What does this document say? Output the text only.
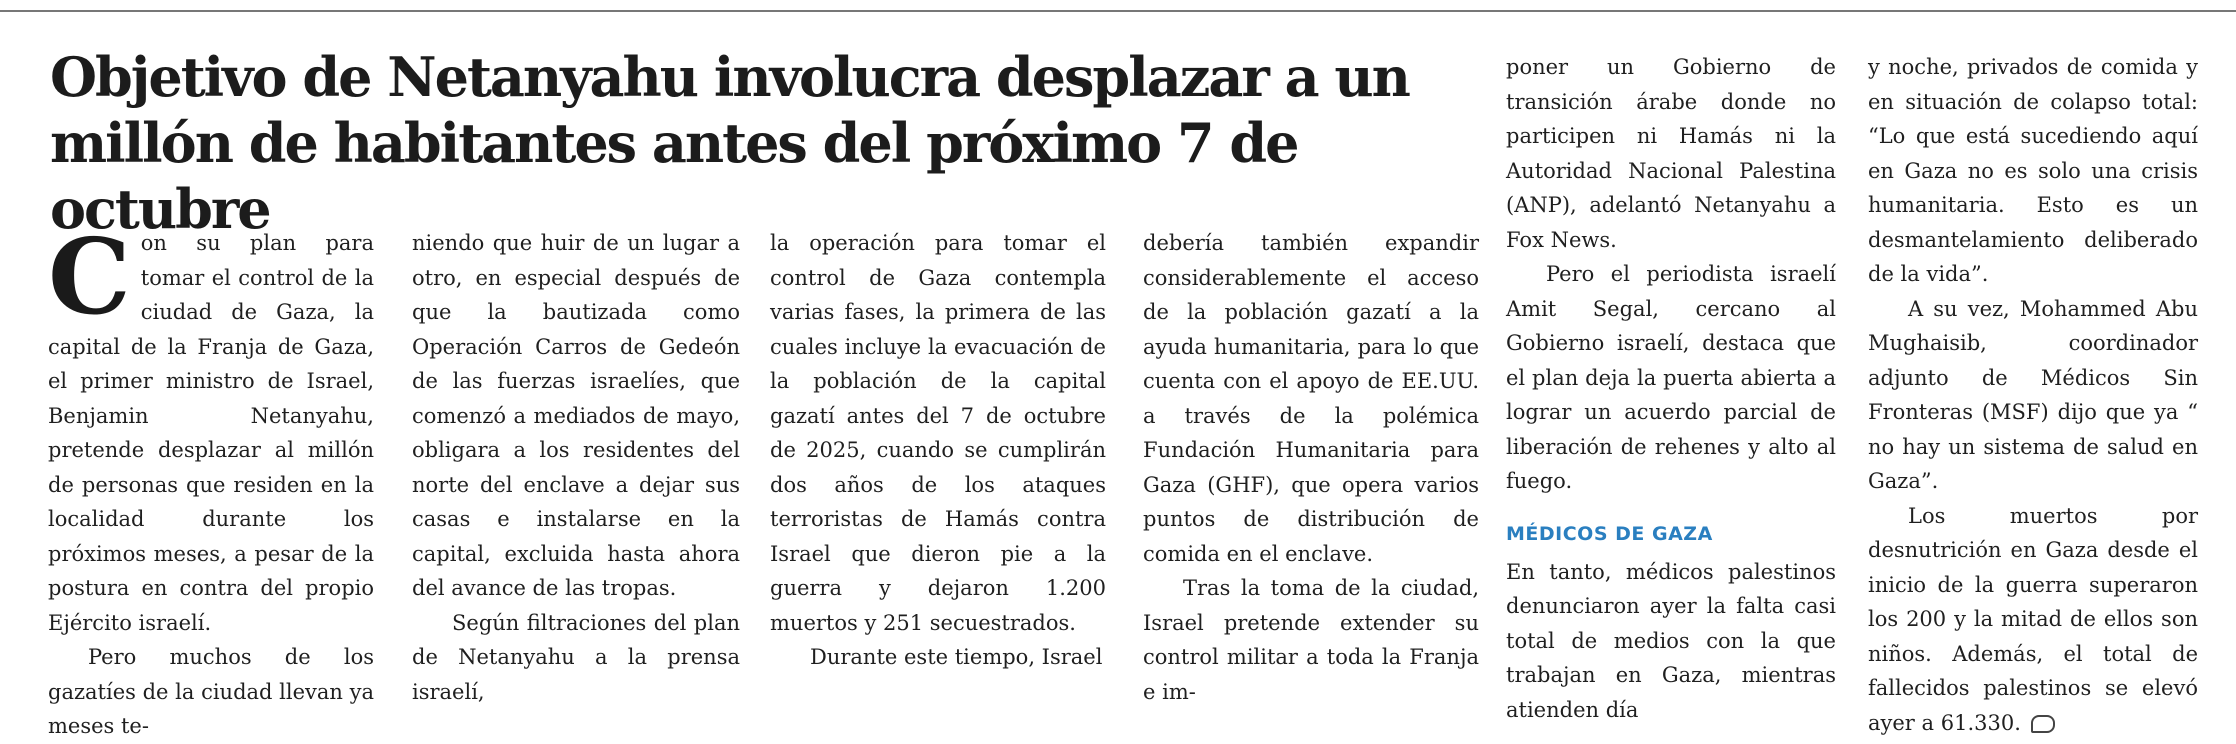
Objetivo de Netanyahu involucra desplazar a un millón de habitantes antes del próximo 7 de octubre

Con su plan para tomar el control de la ciudad de Gaza, la capital de la Franja de Gaza, el primer ministro de Israel, Benjamin Netanyahu, pretende desplazar al millón de personas que residen en la localidad durante los próximos meses, a pesar de la postura en contra del propio Ejército israelí.

Pero muchos de los gazatíes de la ciudad llevan ya meses te-

niendo que huir de un lugar a otro, en especial después de que la bautizada como Operación Carros de Gedeón de las fuerzas israelíes, que comenzó a mediados de mayo, obligara a los residentes del norte del enclave a dejar sus casas e instalarse en la capital, excluida hasta ahora del avance de las tropas.

Según filtraciones del plan de Netanyahu a la prensa israelí,

la operación para tomar el control de Gaza contempla varias fases, la primera de las cuales incluye la evacuación de la población de la capital gazatí antes del 7 de octubre de 2025, cuando se cumplirán dos años de los ataques terroristas de Hamás contra Israel que dieron pie a la guerra y dejaron 1.200 muertos y 251 secuestrados.

Durante este tiempo, Israel

debería también expandir considerablemente el acceso de la población gazatí a la ayuda humanitaria, para lo que cuenta con el apoyo de EE.UU. a través de la polémica Fundación Humanitaria para Gaza (GHF), que opera varios puntos de distribución de comida en el enclave.

Tras la toma de la ciudad, Israel pretende extender su control militar a toda la Franja e im-

poner un Gobierno de transición árabe donde no participen ni Hamás ni la Autoridad Nacional Palestina (ANP), adelantó Netanyahu a Fox News.

Pero el periodista israelí Amit Segal, cercano al Gobierno israelí, destaca que el plan deja la puerta abierta a lograr un acuerdo parcial de liberación de rehenes y alto al fuego.

MÉDICOS DE GAZA

En tanto, médicos palestinos denunciaron ayer la falta casi total de medios con la que trabajan en Gaza, mientras atienden día

y noche, privados de comida y en situación de colapso total: “Lo que está sucediendo aquí en Gaza no es solo una crisis humanitaria. Esto es un desmantelamiento deliberado de la vida”.

A su vez, Mohammed Abu Mughaisib, coordinador adjunto de Médicos Sin Fronteras (MSF) dijo que ya “ no hay un sistema de salud en Gaza”.

Los muertos por desnutrición en Gaza desde el inicio de la guerra superaron los 200 y la mitad de ellos son niños. Además, el total de fallecidos palestinos se elevó ayer a 61.330.
